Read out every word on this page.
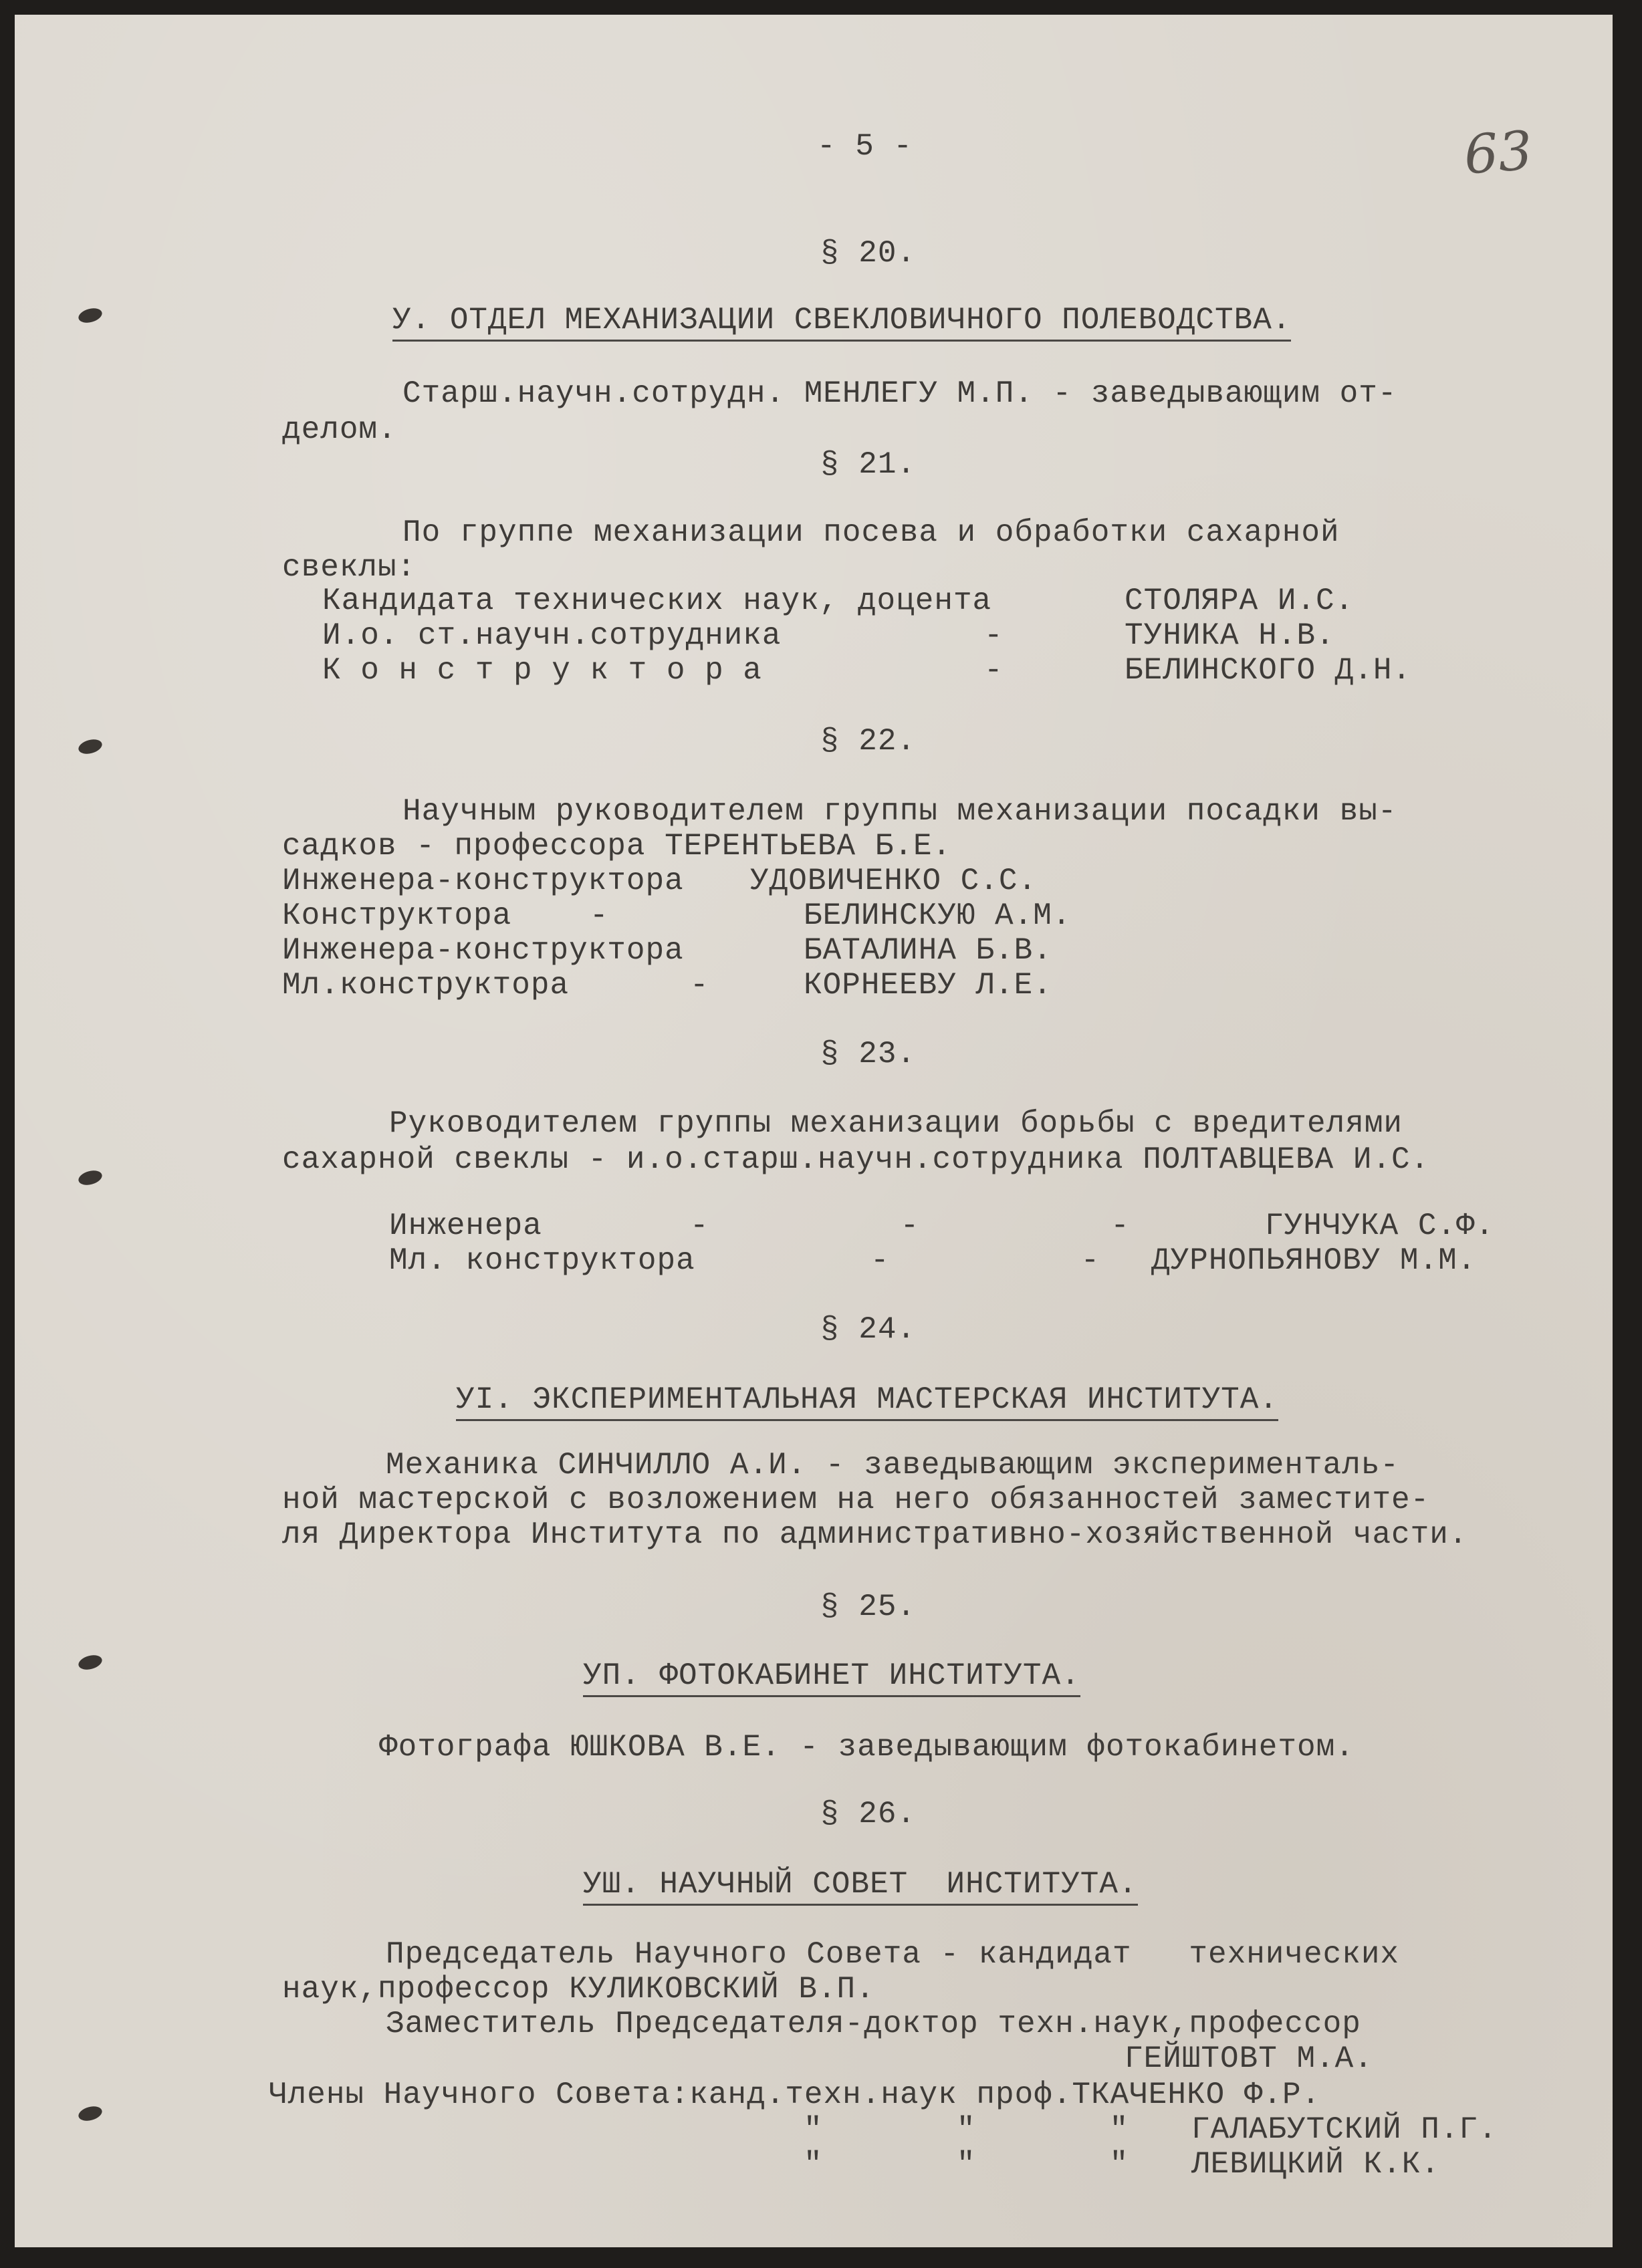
- 5 -	63
§ 20.
У. ОТДЕЛ МЕХАНИЗАЦИИ СВЕКЛОВИЧНОГО ПОЛЕВОДСТВА.
Старш.научн.сотрудн. МЕНЛЕГУ М.П. - заведывающим от-
делом.
§ 21.
По группе механизации посева и обработки сахарной
свеклы:
Кандидата технических наук, доцента	СТОЛЯРА И.С.
И.о. ст.научн.сотрудника	-	ТУНИКА Н.В.
К о н с т р у к т о р а	-	БЕЛИНСКОГО Д.Н.
§ 22.
Научным руководителем группы механизации посадки вы-
садков - профессора ТЕРЕНТЬЕВА Б.Е.
Инженера-конструктора УДОВИЧЕНКО С.С.
Конструктора	-	БЕЛИНСКУЮ А.М.
Инженера-конструктора	БАТАЛИНА Б.В.
Мл.конструктора	-	КОРНЕЕВУ Л.Е.
§ 23.
Руководителем группы механизации борьбы с вредителями
сахарной свеклы - и.о.старш.научн.сотрудника ПОЛТАВЦЕВА И.С.
Инженера	-          -          -	ГУНЧУКА С.Ф.
Мл. конструктора	-          - ДУРНОПЬЯНОВУ М.М.
§ 24.
УI. ЭКСПЕРИМЕНТАЛЬНАЯ МАСТЕРСКАЯ ИНСТИТУТА.
Механика СИНЧИЛЛО А.И. - заведывающим эксперименталь-
ной мастерской с возложением на него обязанностей заместите-
ля Директора Института по административно-хозяйственной части.
§ 25.
УП. ФОТОКАБИНЕТ ИНСТИТУТА.
Фотографа ЮШКОВА В.Е. - заведывающим фотокабинетом.
§ 26.
УШ. НАУЧНЫЙ СОВЕТ  ИНСТИТУТА.
Председатель Научного Совета - кандидат   технических
наук,профессор КУЛИКОВСКИЙ В.П.
Заместитель Председателя-доктор техн.наук,профессор
ГЕЙШТОВТ М.А.
Члены Научного Совета:канд.техн.наук проф.ТКАЧЕНКО Ф.Р.
"       "       " ГАЛАБУТСКИЙ П.Г.
"       "       " ЛЕВИЦКИЙ К.К.
